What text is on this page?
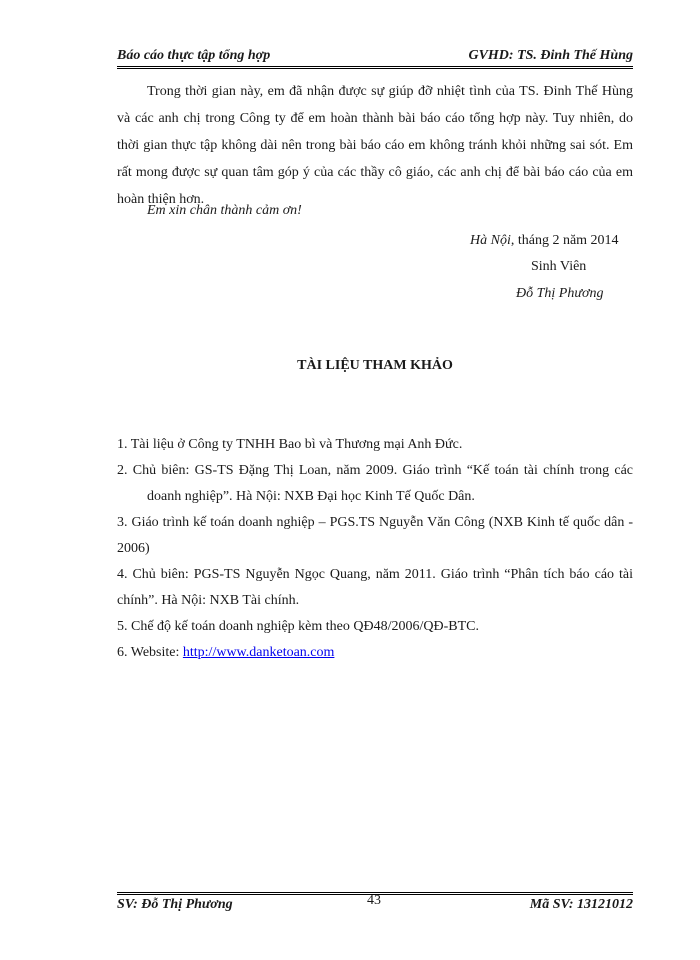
Báo cáo thực tập tổng hợp	GVHD: TS. Đinh Thế Hùng

Trong thời gian này, em đã nhận được sự giúp đỡ nhiệt tình của TS. Đinh Thế Hùng và các anh chị trong Công ty để em hoàn thành bài báo cáo tổng hợp này. Tuy nhiên, do thời gian thực tập không dài nên trong bài báo cáo em không tránh khỏi những sai sót. Em rất mong được sự quan tâm góp ý của các thầy cô giáo, các anh chị để bài báo cáo của em hoàn thiện hơn.

Em xin chân thành cảm ơn!
Hà Nội, tháng 2 năm 2014
Sinh Viên
Đỗ Thị Phương
TÀI LIỆU THAM KHẢO

1. Tài liệu ở Công ty TNHH Bao bì và Thương mại Anh Đức.

2. Chủ biên: GS-TS Đặng Thị Loan, năm 2009. Giáo trình “Kế toán tài chính trong các doanh nghiệp”. Hà Nội: NXB Đại học Kinh Tế Quốc Dân.

3. Giáo trình kế toán doanh nghiệp – PGS.TS Nguyễn Văn Công (NXB Kinh tế quốc dân - 2006)

4. Chủ biên: PGS-TS Nguyễn Ngọc Quang, năm 2011. Giáo trình “Phân tích báo cáo tài chính”. Hà Nội: NXB Tài chính.

5. Chế độ kế toán doanh nghiệp kèm theo QĐ48/2006/QĐ-BTC.

6. Website: http://www.danketoan.com

SV: Đỗ Thị Phương	43	Mã SV: 13121012
